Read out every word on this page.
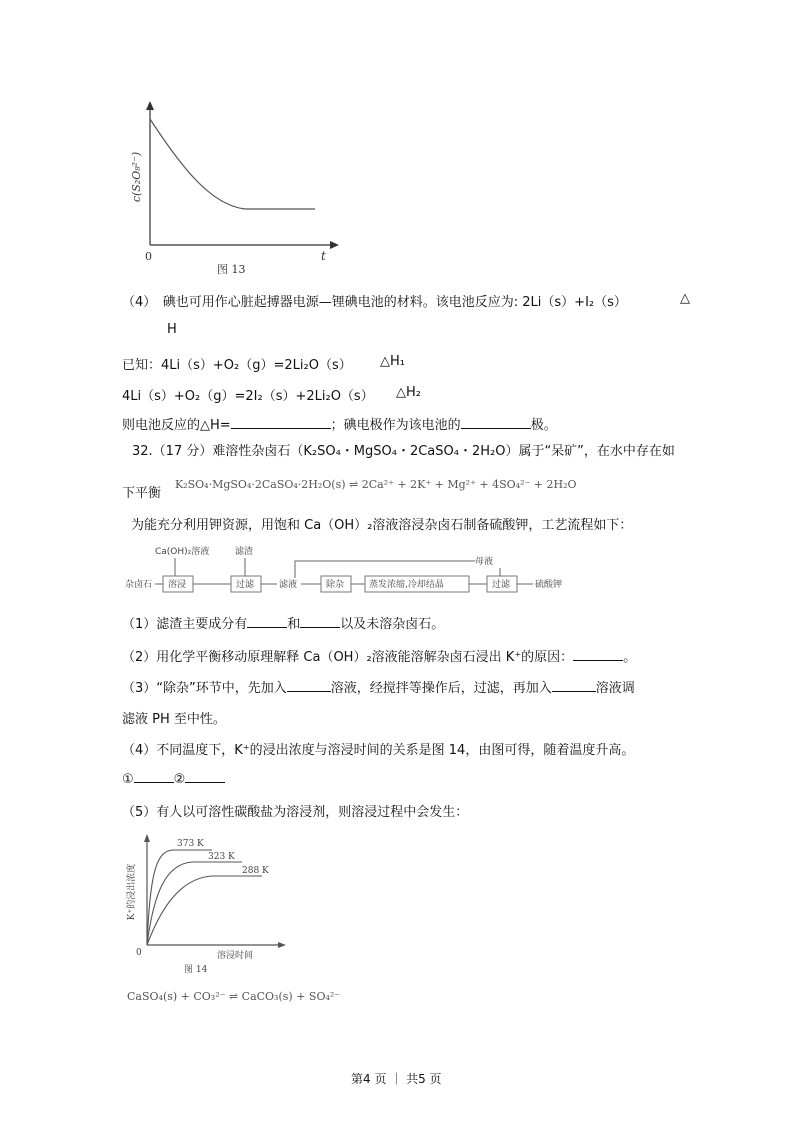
c(S₂O₈²⁻)
0	t
图 13
（4）　碘也可用作心脏起搏器电源—锂碘电池的材料。该电池反应为: 2Li（s）+I₂（s）	△
H
已知：4Li（s）+O₂（g）=2Li₂O（s） △H₁
4Li（s）+O₂（g）=2I₂（s）+2Li₂O（s） △H₂
则电池反应的△H=	；碘电极作为该电池的	极。
32.（17 分）难溶性杂卤石（K₂SO₄・MgSO₄・2CaSO₄・2H₂O）属于“呆矿”，在水中存在如
下平衡
K₂SO₄·MgSO₄·2CaSO₄·2H₂O(s) ⇌ 2Ca²⁺ + 2K⁺ + Mg²⁺ + 4SO₄²⁻ + 2H₂O
为能充分利用钾资源，用饱和 Ca（OH）₂溶液溶浸杂卤石制备硫酸钾，工艺流程如下：
Ca(OH)₂溶液	滤渣
杂卤石 溶浸	过滤	滤液	除杂	蒸发浓缩,冷却结晶	过滤	硫酸钾
母液
（1）滤渣主要成分有	和	以及未溶杂卤石。
（2）用化学平衡移动原理解释 Ca（OH）₂溶液能溶解杂卤石浸出 K⁺的原因：	。
（3）“除杂”环节中，先加入	溶液，经搅拌等操作后，过滤，再加入	溶液调
滤液 PH 至中性。
（4）不同温度下，K⁺的浸出浓度与溶浸时间的关系是图 14，由图可得，随着温度升高。
①	②
（5）有人以可溶性碳酸盐为溶浸剂，则溶浸过程中会发生：
373 K
323 K
288 K
K⁺的浸出浓度
溶浸时间
0
图 14
CaSO₄(s) + CO₃²⁻ ⇌ CaCO₃(s) + SO₄²⁻
第4 页 ｜ 共5 页
